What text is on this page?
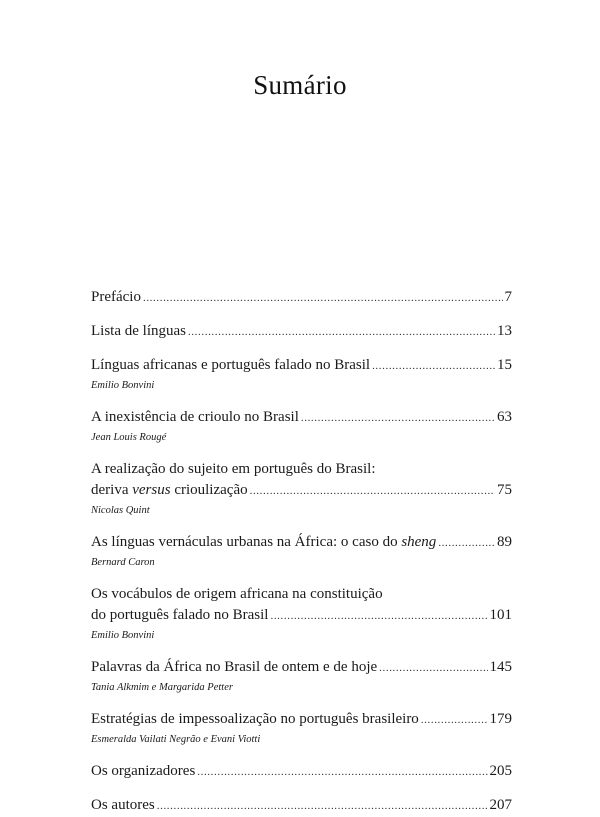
Sumário
Prefácio .....	7
Lista de línguas .....	13
Línguas africanas e português falado no Brasil .....	15
Emilio Bonvini
A inexistência de crioulo no Brasil .....	63
Jean Louis Rougé
A realização do sujeito em português do Brasil:
deriva versus crioulização .....	75
Nicolas Quint
As línguas vernáculas urbanas na África: o caso do sheng .....	89
Bernard Caron
Os vocábulos de origem africana na constituição
do português falado no Brasil .....	101
Emilio Bonvini
Palavras da África no Brasil de ontem e de hoje .....	145
Tania Alkmim e Margarida Petter
Estratégias de impessoalização no português brasileiro .....	179
Esmeralda Vailati Negrão e Evani Viotti
Os organizadores .....	205
Os autores .....	207
